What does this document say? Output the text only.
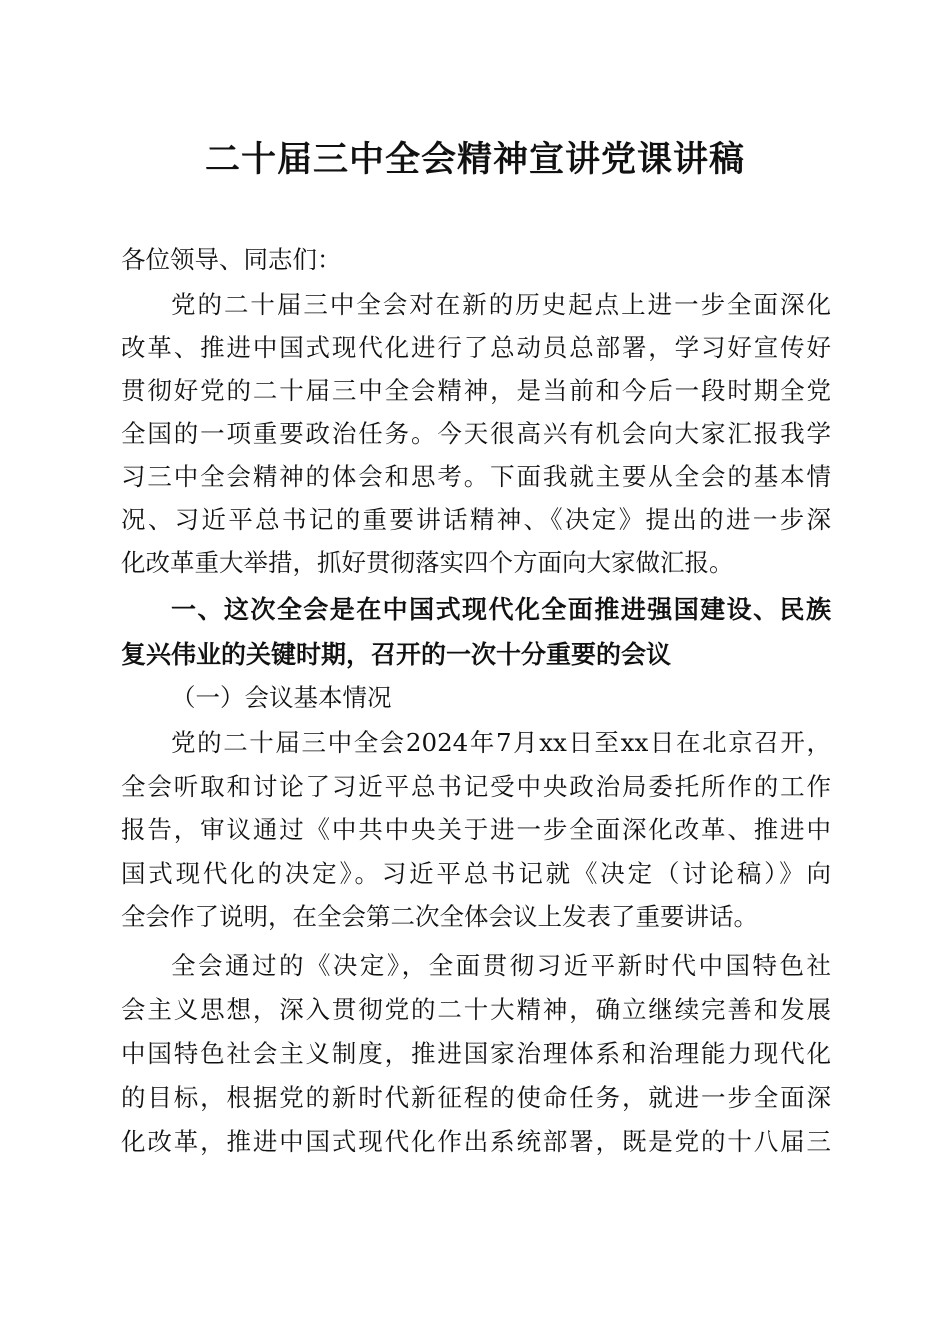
二十届三中全会精神宣讲党课讲稿
各位领导、同志们：
党的二十届三中全会对在新的历史起点上进一步全面深化
改革、推进中国式现代化进行了总动员总部署，学习好宣传好
贯彻好党的二十届三中全会精神，是当前和今后一段时期全党
全国的一项重要政治任务。今天很高兴有机会向大家汇报我学
习三中全会精神的体会和思考。下面我就主要从全会的基本情
况、习近平总书记的重要讲话精神、《决定》提出的进一步深
化改革重大举措，抓好贯彻落实四个方面向大家做汇报。
一、这次全会是在中国式现代化全面推进强国建设、民族
复兴伟业的关键时期，召开的一次十分重要的会议
（一）会议基本情况
党的二十届三中全会2024年7月xx日至xx日在北京召开，
全会听取和讨论了习近平总书记受中央政治局委托所作的工作
报告，审议通过《中共中央关于进一步全面深化改革、推进中
国式现代化的决定》。习近平总书记就《决定（讨论稿）》向
全会作了说明，在全会第二次全体会议上发表了重要讲话。
全会通过的《决定》，全面贯彻习近平新时代中国特色社
会主义思想，深入贯彻党的二十大精神，确立继续完善和发展
中国特色社会主义制度，推进国家治理体系和治理能力现代化
的目标，根据党的新时代新征程的使命任务，就进一步全面深
化改革，推进中国式现代化作出系统部署，既是党的十八届三
